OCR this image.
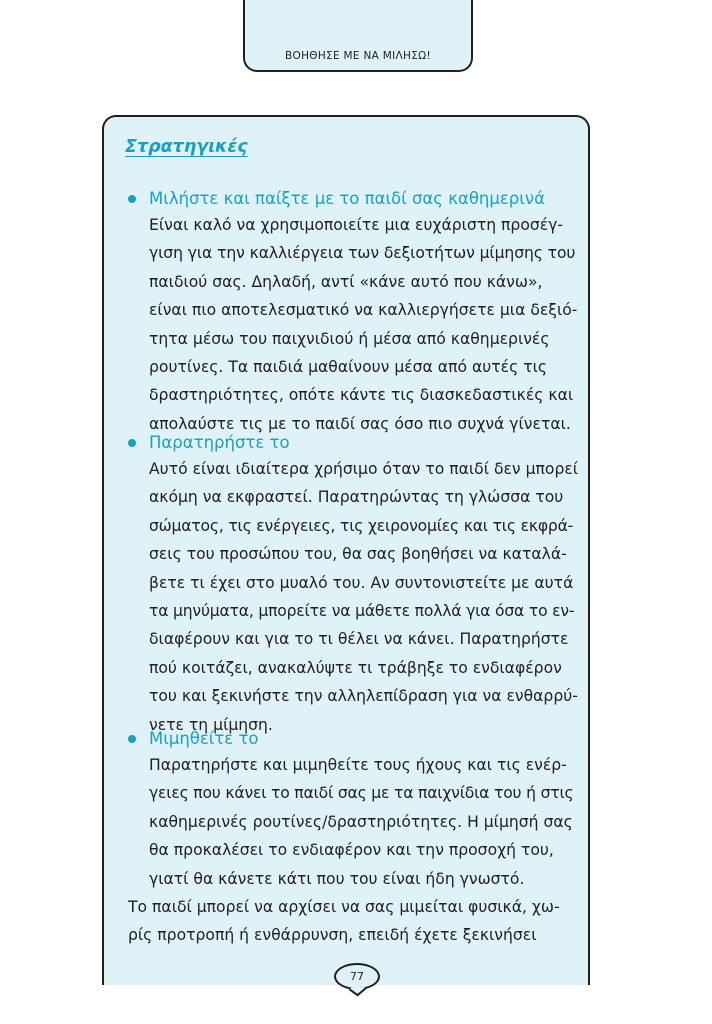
ΒΟΗΘΗΣΕ ΜΕ ΝΑ ΜΙΛΗΣΩ!
Στρατηγικές
Μιλήστε και παίξτε με το παιδί σας καθημερινά
Είναι καλό να χρησιμοποιείτε μια ευχάριστη προσέγ-
γιση για την καλλιέργεια των δεξιοτήτων μίμησης του
παιδιού σας. Δηλαδή, αντί «κάνε αυτό που κάνω»,
είναι πιο αποτελεσματικό να καλλιεργήσετε μια δεξιό-
τητα μέσω του παιχνιδιού ή μέσα από καθημερινές
ρουτίνες. Τα παιδιά μαθαίνουν μέσα από αυτές τις
δραστηριότητες, οπότε κάντε τις διασκεδαστικές και
απολαύστε τις με το παιδί σας όσο πιο συχνά γίνεται.
Παρατηρήστε το
Αυτό είναι ιδιαίτερα χρήσιμο όταν το παιδί δεν μπορεί
ακόμη να εκφραστεί. Παρατηρώντας τη γλώσσα του
σώματος, τις ενέργειες, τις χειρονομίες και τις εκφρά-
σεις του προσώπου του, θα σας βοηθήσει να καταλά-
βετε τι έχει στο μυαλό του. Αν συντονιστείτε με αυτά
τα μηνύματα, μπορείτε να μάθετε πολλά για όσα το εν-
διαφέρουν και για το τι θέλει να κάνει. Παρατηρήστε
πού κοιτάζει, ανακαλύψτε τι τράβηξε το ενδιαφέρον
του και ξεκινήστε την αλληλεπίδραση για να ενθαρρύ-
νετε τη μίμηση.
Μιμηθείτε το
Παρατηρήστε και μιμηθείτε τους ήχους και τις ενέρ-
γειες που κάνει το παιδί σας με τα παιχνίδια του ή στις
καθημερινές ρουτίνες/δραστηριότητες. Η μίμησή σας
θα προκαλέσει το ενδιαφέρον και την προσοχή του,
γιατί θα κάνετε κάτι που του είναι ήδη γνωστό.
Το παιδί μπορεί να αρχίσει να σας μιμείται φυσικά, χω-
ρίς προτροπή ή ενθάρρυνση, επειδή έχετε ξεκινήσει
77
